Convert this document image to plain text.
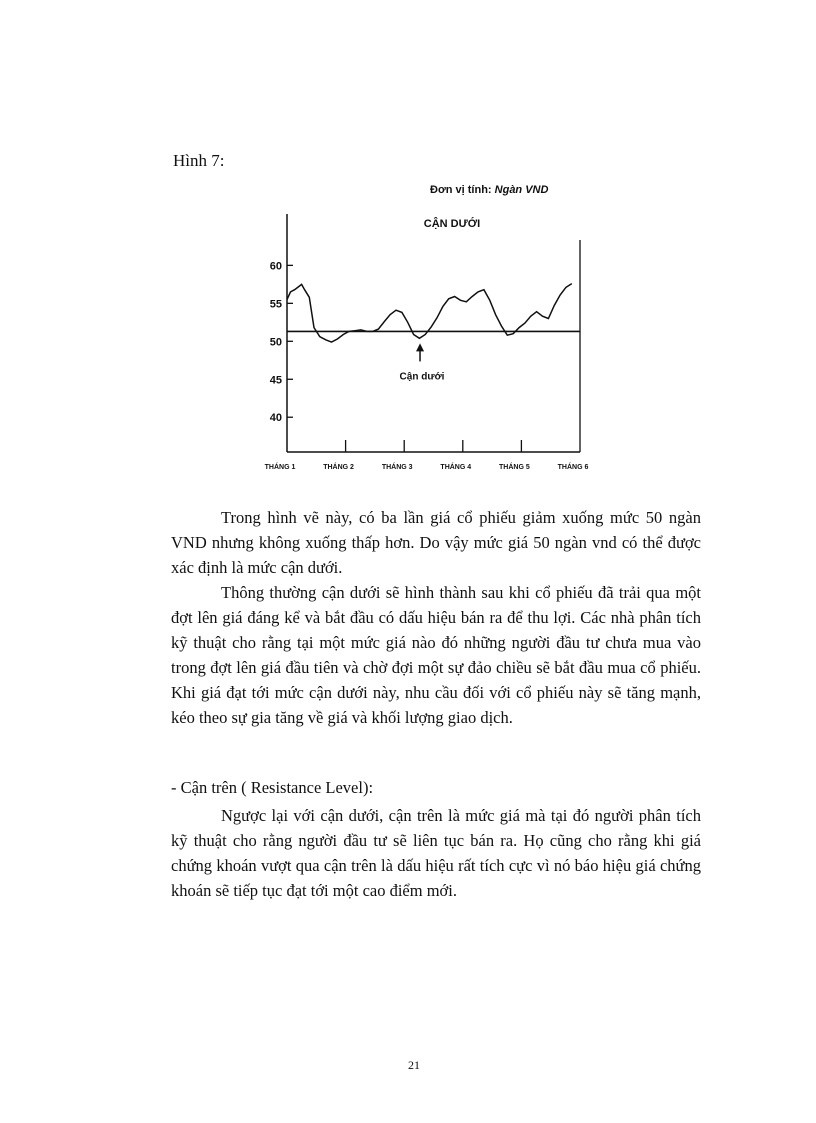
Hình 7:
Đơn vị tính: Ngàn VND
CẬN DƯỚI
60
55
50
45
40
THÁNG 1	THÁNG 2	THÁNG 3	THÁNG 4	THÁNG 5	THÁNG 6
Cận dưới

Trong hình vẽ này, có ba lần giá cổ phiếu giảm xuống mức 50 ngàn VND nhưng không xuống thấp hơn. Do vậy mức giá 50 ngàn vnd có thể được xác định là mức cận dưới.

Thông thường cận dưới sẽ hình thành sau khi cổ phiếu đã trải qua một đợt lên giá đáng kể và bắt đầu có dấu hiệu bán ra để thu lợi. Các nhà phân tích kỹ thuật cho rằng tại một mức giá nào đó những người đầu tư chưa mua vào trong đợt lên giá đầu tiên và chờ đợi một sự đảo chiều sẽ bắt đầu mua cổ phiếu. Khi giá đạt tới mức cận dưới này, nhu cầu đối với cổ phiếu này sẽ tăng mạnh, kéo theo sự gia tăng về giá và khối lượng giao dịch.

- Cận trên ( Resistance Level):

Ngược lại với cận dưới, cận trên là mức giá mà tại đó người phân tích kỹ thuật cho rằng người đầu tư sẽ liên tục bán ra. Họ cũng cho rằng khi giá chứng khoán vượt qua cận trên là dấu hiệu rất tích cực vì nó báo hiệu giá chứng khoán sẽ tiếp tục đạt tới một cao điểm mới.

21
